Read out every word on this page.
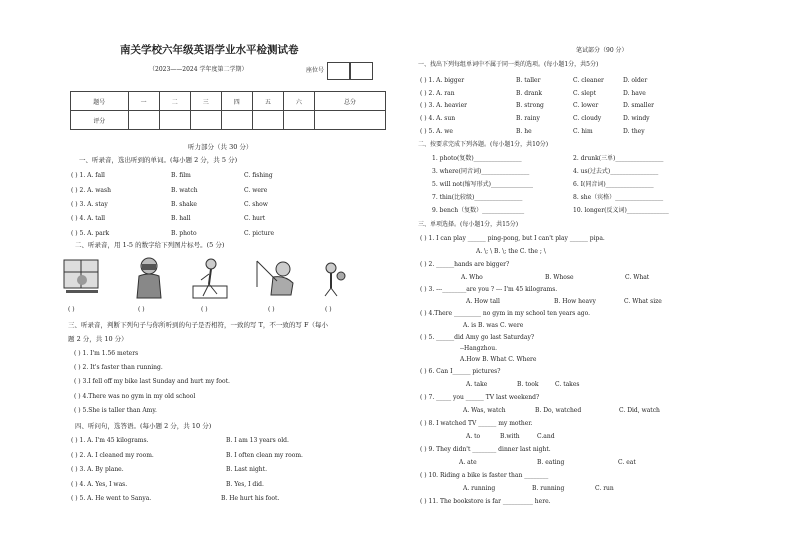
南关学校六年级英语学业水平检测试卷
（2023——2024 学年度第二学期）	座位号
题号	一	二	三	四	五	六	总分
评分							
听力部分（共 30 分）
一、听录音，选出听到的单词。(每小题 2 分，共 5 分)
( ) 1. A. fall	B. film	C. fishing
( ) 2. A. wash	B. watch	C. were
( ) 3. A. stay	B. shake	C. show
( ) 4. A. tall	B. hall	C. hurt
( ) 5. A. park	B. photo	C. picture
二、听录音，用 1-5 的数字给下列图片标号。(5 分)
( )	( )	( )	( )	( )
三、听录音，判断下列句子与你所听到的句子是否相符，一致的写 T，不一致的写 F（每小
题 2 分，共 10 分）
( ) 1. I'm 1.56 meters
( ) 2. It's faster than running.
( ) 3.I fell off my bike last Sunday and hurt my foot.
( ) 4.There was no gym in my old school
( ) 5.She is taller than Amy.
四、听问句，选答语。(每小题 2 分，共 10 分)
( ) 1. A. I'm 45 kilograms.	B. I am 13 years old.
( ) 2. A. I cleaned my room.	B. I often clean my room.
( ) 3. A. By plane.	B. Last night.
( ) 4. A. Yes, I was.	B. Yes, I did.
( ) 5. A. He went to Sanya.	B. He hurt his foot.
笔试部分（90 分）
一、找出下列每组单词中不属于同一类的选项。(每小题1分，共5分)
( ) 1. A. bigger	B. taller	C. cleaner	D. older
( ) 2. A. ran	B. drank	C. slept	D. have
( ) 3. A. heavier	B. strong	C. lower	D. smaller
( ) 4. A. sun	B. rainy	C. cloudy	D. windy
( ) 5. A. we	B. he	C. him	D. they
二、按要求完成下列各题。(每小题1分，共10分)
1. photo(复数)________________	2. drunk(三单)________________
3. where(同音词)________________	4. us(过去式)________________
5. will not(缩写形式)______________	6. I(同音词)________________
7. thin(比较级)________________	8. she（宾格）________________
9. bench（复数）______________	10. longer(反义词)______________
三、单项选择。(每小题1分，共15分)
( ) 1. I can play ______ ping-pong, but I can't play ______ pipa.
A. \; \ B. \; the C. the ; \
( ) 2. ______hands are bigger?
A. Who	B. Whose	C. What
( ) 3. ---________are you ? --- I'm 45 kilograms.
A. How tall	B. How heavy	C. What size
( ) 4.There _________ no gym in my school ten years ago.
A. is B. was C. were
( ) 5. ______did Amy go last Saturday?
--Hangzhou.
A.How B. What C. Where
( ) 6. Can I______ pictures?
A. take	B. took	C. takes
( ) 7. _____ you ______ TV last weekend?
A. Was, watch	B. Do, watched	C. Did, watch
( ) 8. I watched TV ______ my mother.
A. to	B.with	C.and
( ) 9. They didn't ________ dinner last night.
A. ate	B. eating	C. eat
( ) 10. Riding a bike is faster than ________
A. running	B. running	C. run
( ) 11. The bookstore is far __________ here.
